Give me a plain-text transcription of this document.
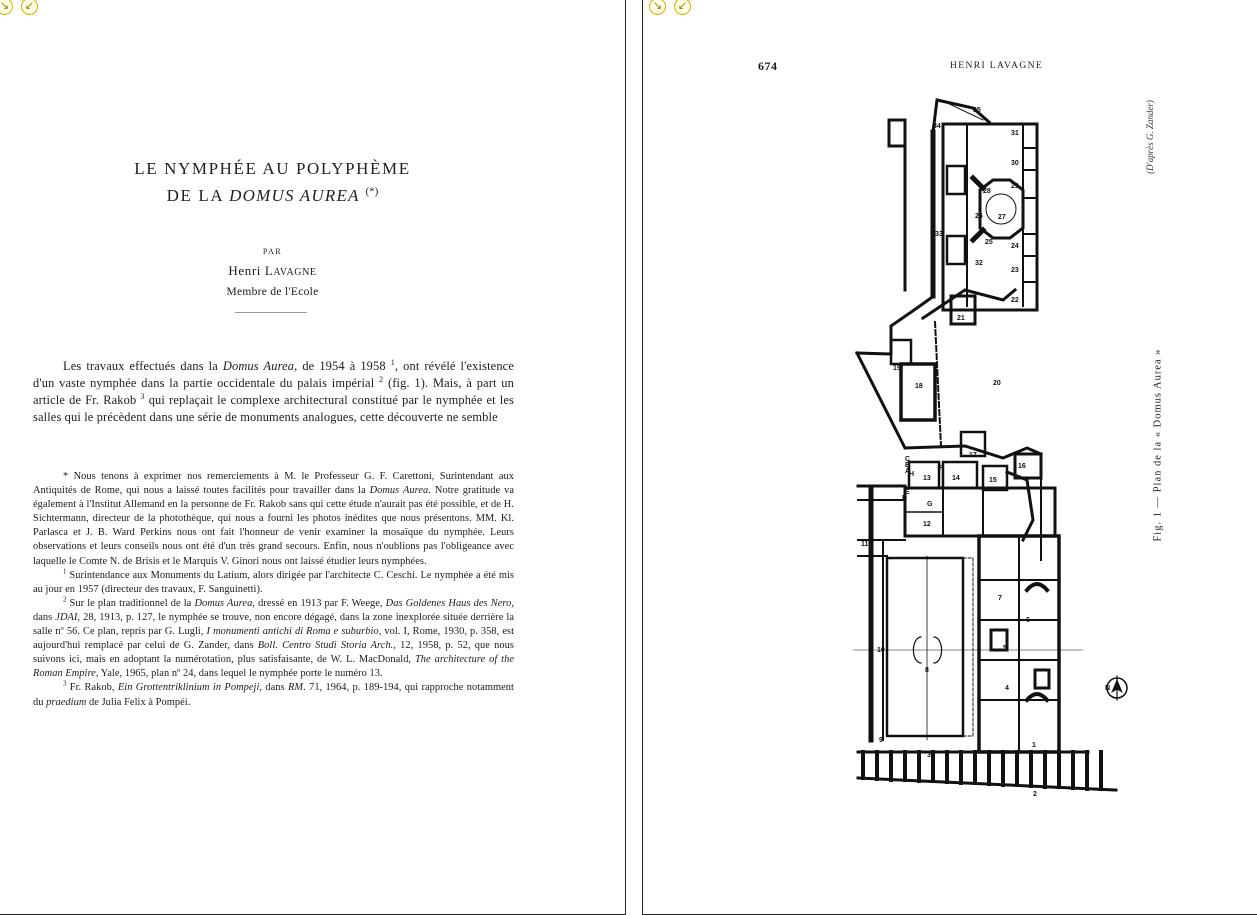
↘	↙
LE NYMPHÉE AU POLYPHÈME
DE LA DOMUS AUREA (*)
PAR
Henri LAVAGNE
Membre de l'Ecole

Les travaux effectués dans la Domus Aurea, de 1954 à 1958 $^1$, ont révélé l'existence d'un vaste nymphée dans la partie occidentale du palais impérial $^2$ (fig. 1). Mais, à part un article de Fr. Rakob $^3$ qui replaçait le complexe architectural constitué par le nymphée et les salles qui le précèdent dans une série de monuments analogues, cette découverte ne semble

* Nous tenons à exprimer nos remerciements à M. le Professeur G. F. Carettoni, Surintendant aux Antiquités de Rome, qui nous a laissé toutes facilités pour travailler dans la Domus Aurea. Notre gratitude va également à l'Institut Allemand en la personne de Fr. Rakob sans qui cette étude n'aurait pas été possible, et de H. Sichtermann, directeur de la photothèque, qui nous a fourni les photos inédites que nous présentons. MM. Kl. Parlasca et J. B. Ward Perkins nous ont fait l'honneur de venir examiner la mosaïque du nymphée. Leurs observations et leurs conseils nous ont été d'un très grand secours. Enfin, nous n'oublions pas l'obligeance avec laquelle le Comte N. de Brisis et le Marquis V. Ginori nous ont laissé étudier leurs nymphées.

$^1$ Surintendance aux Monuments du Latium, alors dirigée par l'architecte C. Ceschi. Le nymphée a été mis au jour en 1957 (directeur des travaux, F. Sanguinetti).

$^2$ Sur le plan traditionnel de la Domus Aurea, dressé en 1913 par F. Weege, Das Goldenes Haus des Nero, dans JDAI, 28, 1913, p. 127, le nymphée se trouve, non encore dégagé, dans la zone inexplorée située derrière la salle nº 56. Ce plan, repris par G. Lugli, I monumenti antichi di Roma e suburbio, vol. I, Rome, 1930, p. 358, est aujourd'hui remplacé par celui de G. Zander, dans Boll. Centro Studi Storia Arch., 12, 1958, p. 52, que nous suivons ici, mais en adoptant la numérotation, plus satisfaisante, de W. L. MacDonald, The architecture of the Roman Empire, Yale, 1965, plan nº 24, dans lequel le nymphée porte le numéro 13.

$^3$ Fr. Rakob, Ein Grottentriklinium in Pompeji, dans RM. 71, 1964, p. 189-194, qui rapproche notamment du praedium de Julia Felix à Pompéi.

↘	↙
674	HENRI LAVAGNE
(D'après G. Zander)
Fig. 1 — Plan de la « Domus Aurea »
1
2
3
4
5
6
7
8
9
10
11
12
13	14	15
16
17
18
19
20
21
22
23
24
25
26 27
28
29
30
31
32
33
34
35
A
B
C
D
E
F
G
H
N
